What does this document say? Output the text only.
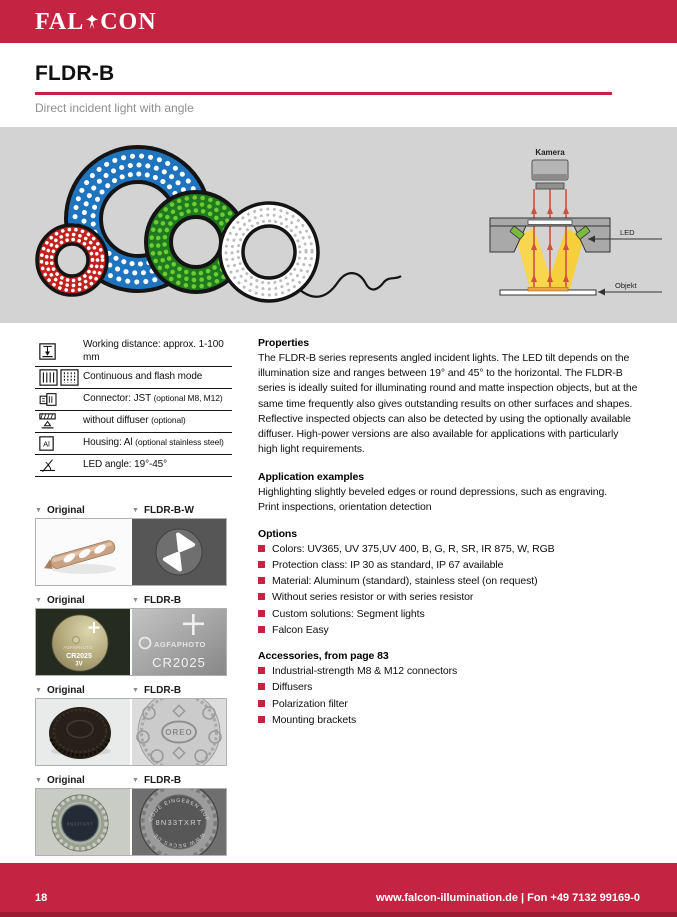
FAL CON
FLDR-B
Direct incident light with angle
Kamera
LED
Objekt
Working distance: approx. 1-100 mm
Continuous and flash mode
Connector: JST (optional M8, M12)
without diffuser (optional)
Al	Housing: Al (optional stainless steel)
LED angle: 19°-45°
▼ Original	▼ FLDR-B-W
▼ Original	▼ FLDR-B
AGFAPHOTO
CR2025
3V
AGFAPHOTO
CR2025
▼ Original	▼ FLDR-B
OREO
▼ Original	▼ FLDR-B
8N33TXRT
CODE EINGEBEN AUF
WWW.BECKS.DE
8N33TXRT
Properties

The FLDR-B series represents angled incident lights. The LED tilt depends on the illumination size and ranges between 19° and 45° to the horizontal. The FLDR-B series is ideally suited for illuminating round and matte inspection objects, but at the same time frequently also gives outstanding results on other surfaces and shapes. Reflective inspected objects can also be detected by using the optionally available diffuser. High-power versions are also available for applications with particularly high light requirements.

Application examples

Highlighting slightly beveled edges or round depressions, such as engraving.

Print inspections, orientation detection

Options
Colors: UV365, UV 375,UV 400, B, G, R, SR, IR 875, W, RGB
Protection class: IP 30 as standard, IP 67 available
Material: Aluminum (standard), stainless steel (on request)
Without series resistor or with series resistor
Custom solutions: Segment lights
Falcon Easy
Accessories, from page 83
Industrial-strength M8 & M12 connectors
Diffusers
Polarization filter
Mounting brackets
18	www.falcon-illumination.de | Fon +49 7132 99169-0
